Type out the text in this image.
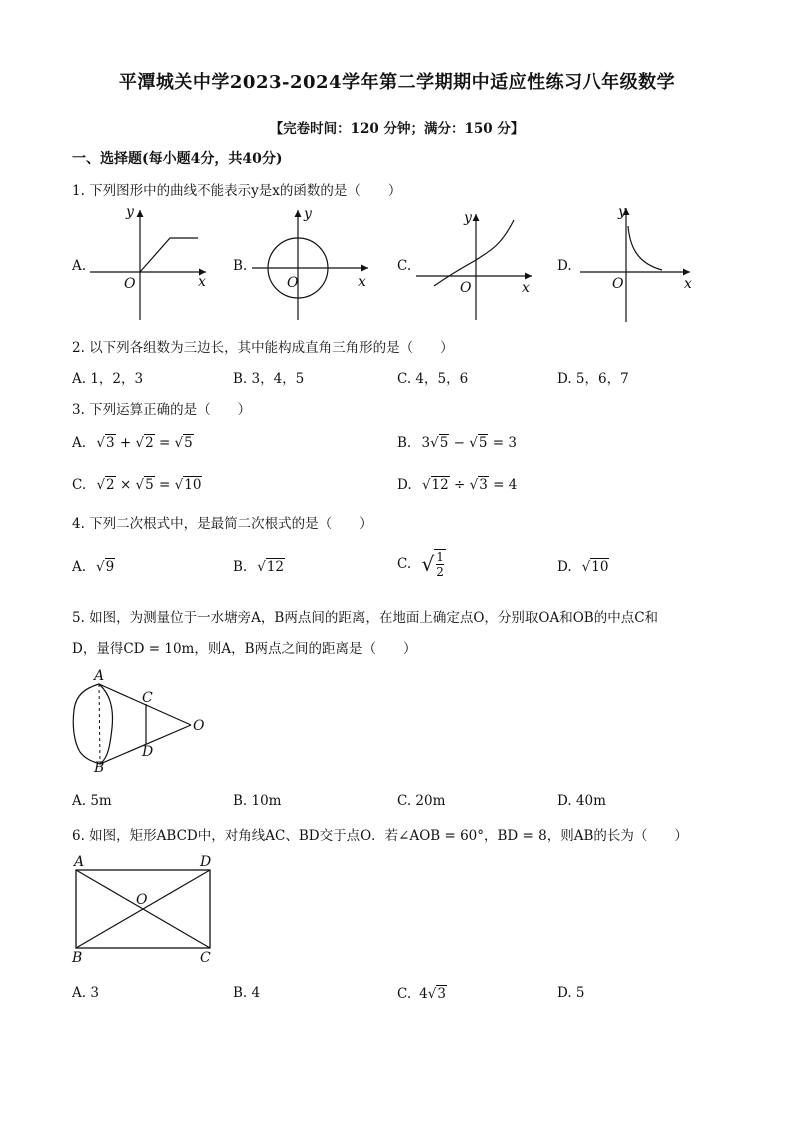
平潭城关中学2023-2024学年第二学期期中适应性练习八年级数学
【完卷时间：120 分钟；满分：150 分】
一、选择题(每小题4分，共40分)
1. 下列图形中的曲线不能表示y是x的函数的是（　　）
A.	B.	C.	D.
y
x
O
y
x
O
y
x
O
y
x
O
2. 以下列各组数为三边长，其中能构成直角三角形的是（　　）
A. 1，2，3	B. 3，4，5	C. 4，5，6	D. 5，6，7
3. 下列运算正确的是（　　）
A. √3 + √2 = √5	B. 3√5 − √5 = 3
C. √2 × √5 = √10	D. √12 ÷ √3 = 4
4. 下列二次根式中，是最简二次根式的是（　　）
A. √9	B. √12	C. √ $\frac{1}{2}$	D. √10
5. 如图，为测量位于一水塘旁A，B两点间的距离，在地面上确定点O，分别取OA和OB的中点C和
D，量得CD = 10m，则A，B两点之间的距离是（　　）
A
B
C
D
O
A. 5m	B. 10m	C. 20m	D. 40m
6. 如图，矩形ABCD中，对角线AC、BD交于点O．若∠AOB = 60°，BD = 8，则AB的长为（　　）
A	D
B	C
O
A. 3	B. 4	C. 4√3	D. 5
